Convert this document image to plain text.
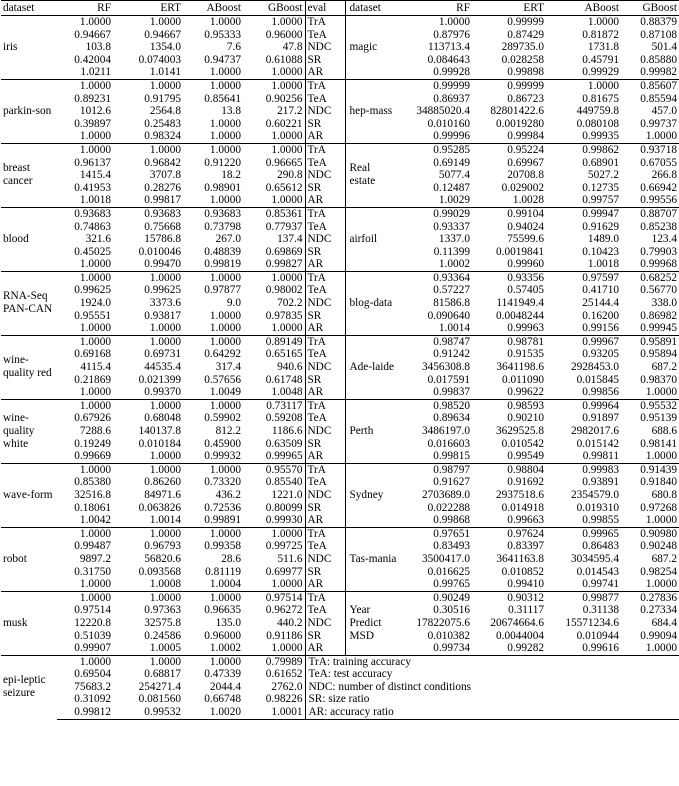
dataset	RF	ERT	ABoost	GBoost	eval	dataset	RF	ERT	ABoost	GBoost
iris	1.0000	1.0000	1.0000	1.0000	TrA	magic	1.0000	0.99999	1.0000	0.88379
	0.94667	0.94667	0.95333	0.96000	TeA		0.87976	0.87429	0.81872	0.87108
	103.8	1354.0	7.6	47.8	NDC		113713.4	289735.0	1731.8	501.4
	0.42004	0.074003	0.94737	0.61088	SR		0.084643	0.028258	0.45791	0.85880
	1.0211	1.0141	1.0000	1.0000	AR		0.99928	0.99898	0.99929	0.99982
parkin-son	1.0000	1.0000	1.0000	1.0000	TrA	hep-mass	0.99999	0.99999	1.0000	0.85607
	0.89231	0.91795	0.85641	0.90256	TeA		0.86937	0.86723	0.81675	0.85594
	1012.6	2564.8	13.8	217.2	NDC		34885020.4	82801422.6	449759.8	457.0
	0.39897	0.25483	1.0000	0.60221	SR		0.010160	0.0019280	0.080108	0.99737
	1.0000	0.98324	1.0000	1.0000	AR		0.99996	0.99984	0.99935	1.0000
breast cancer	1.0000	1.0000	1.0000	1.0000	TrA	Real estate	0.95285	0.95224	0.99862	0.93718
	0.96137	0.96842	0.91220	0.96665	TeA		0.69149	0.69967	0.68901	0.67055
	1415.4	3707.8	18.2	290.8	NDC		5077.4	20708.8	5027.2	266.8
	0.41953	0.28276	0.98901	0.65612	SR		0.12487	0.029002	0.12735	0.66942
	1.0018	0.99817	1.0000	1.0000	AR		1.0029	1.0028	0.99757	0.99556
blood	0.93683	0.93683	0.93683	0.85361	TrA	airfoil	0.99029	0.99104	0.99947	0.88707
	0.74863	0.75668	0.73798	0.77937	TeA		0.93337	0.94024	0.91629	0.85238
	321.6	15786.8	267.0	137.4	NDC		1337.0	75599.6	1489.0	123.4
	0.45025	0.010046	0.48839	0.69869	SR		0.11399	0.0019841	0.10423	0.79903
	1.0000	0.99470	0.99819	0.99827	AR		1.0002	0.99960	1.0018	0.99968
RNA-Seq PAN-CAN	1.0000	1.0000	1.0000	1.0000	TrA	blog-data	0.93364	0.93356	0.97597	0.68252
	0.99625	0.99625	0.97877	0.98002	TeA		0.57227	0.57405	0.41710	0.56770
	1924.0	3373.6	9.0	702.2	NDC		81586.8	1141949.4	25144.4	338.0
	0.95551	0.93817	1.0000	0.97835	SR		0.090640	0.0048244	0.16200	0.86982
	1.0000	1.0000	1.0000	1.0000	AR		1.0014	0.99963	0.99156	0.99945
wine-quality red	1.0000	1.0000	1.0000	0.89149	TrA	Ade-laide	0.98747	0.98781	0.99967	0.95891
	0.69168	0.69731	0.64292	0.65165	TeA		0.91242	0.91535	0.93205	0.95894
	4115.4	44535.4	317.4	940.6	NDC		3456308.8	3641198.6	2928453.0	687.2
	0.21869	0.021399	0.57656	0.61748	SR		0.017591	0.011090	0.015845	0.98370
	1.0000	0.99370	1.0049	1.0048	AR		0.99837	0.99622	0.99856	1.0000
wine-quality white	1.0000	1.0000	1.0000	0.73117	TrA	Perth	0.98520	0.98593	0.99964	0.95532
	0.67926	0.68048	0.59902	0.59208	TeA		0.89634	0.90210	0.91897	0.95139
	7288.6	140137.8	812.2	1186.6	NDC		3486197.0	3629525.8	2982017.6	688.6
	0.19249	0.010184	0.45900	0.63509	SR		0.016603	0.010542	0.015142	0.98141
	0.99669	1.0000	0.99932	0.99965	AR		0.99815	0.99549	0.99811	1.0000
wave-form	1.0000	1.0000	1.0000	0.95570	TrA	Sydney	0.98797	0.98804	0.99983	0.91439
	0.85380	0.86260	0.73320	0.85540	TeA		0.91627	0.91692	0.93891	0.91840
	32516.8	84971.6	436.2	1221.0	NDC		2703689.0	2937518.6	2354579.0	680.8
	0.18061	0.063826	0.72536	0.80099	SR		0.022288	0.014918	0.019310	0.97268
	1.0042	1.0014	0.99891	0.99930	AR		0.99868	0.99663	0.99855	1.0000
robot	1.0000	1.0000	1.0000	1.0000	TrA	Tas-mania	0.97651	0.97624	0.99965	0.90980
	0.99487	0.96793	0.99358	0.99725	TeA		0.83493	0.83397	0.86483	0.90248
	9897.2	56820.6	28.6	511.6	NDC		3500417.0	3641163.8	3034595.4	687.2
	0.31750	0.093568	0.81119	0.69977	SR		0.016625	0.010852	0.014543	0.98254
	1.0000	1.0008	1.0004	1.0000	AR		0.99765	0.99410	0.99741	1.0000
musk	1.0000	1.0000	1.0000	0.97514	TrA	Year Predict MSD	0.90249	0.90312	0.99877	0.27836
	0.97514	0.97363	0.96635	0.96272	TeA		0.30516	0.31117	0.31138	0.27334
	12220.8	32575.8	135.0	440.2	NDC		17822075.6	20674664.6	15571234.6	684.4
	0.51039	0.24586	0.96000	0.91186	SR		0.010382	0.0044004	0.010944	0.99094
	0.99907	1.0005	1.0002	1.0000	AR		0.99734	0.99282	0.99616	1.0000
epi-leptic seizure	1.0000	1.0000	1.0000	0.79989	TrA: training accuracy					
	0.69504	0.68817	0.47339	0.61652	TeA: test accuracy					
	75683.2	254271.4	2044.4	2762.0	NDC: number of distinct conditions					
	0.31092	0.081560	0.66748	0.98226	SR: size ratio					
	0.99812	0.99532	1.0020	1.0001	AR: accuracy ratio					
